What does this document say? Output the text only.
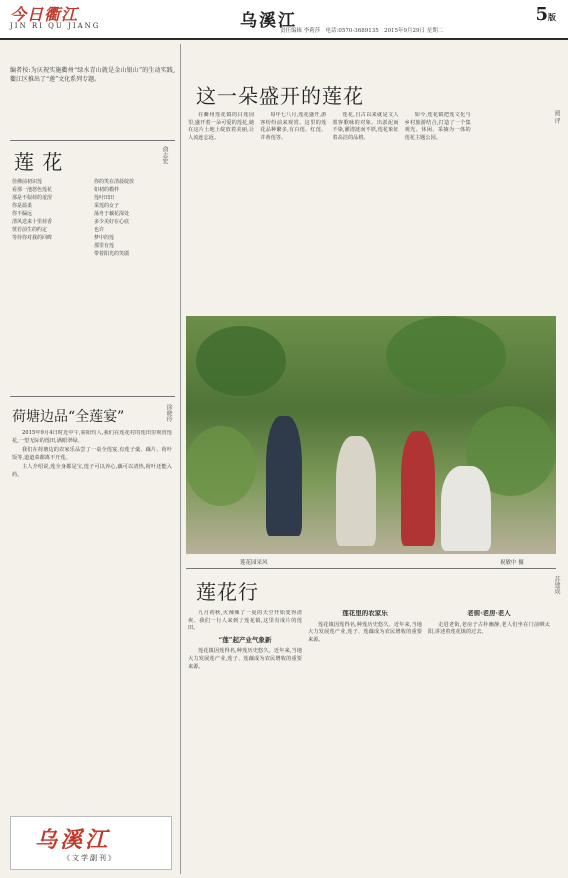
今日衢江
JIN RI QU JIANG	乌溪江
责任编辑 李莉莎 电话:0570-3689135 2015年9月29日 星期二
5版
编者按:为庆祝实施衢州“绿水青山就是金山银山”的生动实践,衢江区推出了“莲”文化系列专题。
莲 花	俞志宏
佳佛前初识莲
看那一池怒色莲花
那是不似荷的羞涩
你是温柔
你不偏远
清风送来十里荷香
恍若前生的约定
等待你对我的回眸
你的笑在清晨绽放
如初的模样
莲叶田田
采莲的女子
荡舟于藕花深处
多少美好在心底
也许
梦中的莲
那里有莲
带着阳光的笑靥
荷塘边品“全莲宴”	徐晓玲

2015年9月4日时近中午,骄阳灼人,我们在莲花村的莲田里观赏莲花,一望无际的莲田,满眼翠绿。

我们在荷塘边的农家乐品尝了一桌全莲宴,有莲子羹、藕片、荷叶饭等,道道菜都离不开莲。

主人介绍说,莲全身都是宝,莲子可以养心,藕可以清热,荷叶还能入药。

乌溪江
《文学副刊》
这一朵盛开的莲花

在衢州莲花镇的白莲园里,盛开着一朵可爱的莲花,她在这片土地上绽放着美丽,让人流连忘返。

每年七八月,莲花盛开,游客纷纷前来观赏。这里的莲花品种繁多,有白莲、红莲、并蒂莲等。

莲花,自古以来就是文人墨客歌咏的对象。出淤泥而不染,濯清涟而不妖,莲花象征着高洁的品格。

如今,莲花镇把莲文化与乡村旅游结合,打造了一个集观光、休闲、采摘为一体的莲花主题公园。

阅 评
莲花园采风	祝敏中 摄
莲花行	苏建成

九月初秋,火辣辣了一夏的天空开始变得清爽。我们一行人来到了莲花镇,这里有成片的莲田。

“莲”起产业气象新

莲花镇因莲得名,种莲历史悠久。近年来,当地大力发展莲产业,莲子、莲藕成为农民增收的重要来源。

莲花里的农家乐

莲花镇因莲得名,种莲历史悠久。近年来,当地大力发展莲产业,莲子、莲藕成为农民增收的重要来源。

老街·老房·老人

走进老街,老房子古朴幽静,老人们坐在门前晒太阳,讲述着莲花镇的过去。
